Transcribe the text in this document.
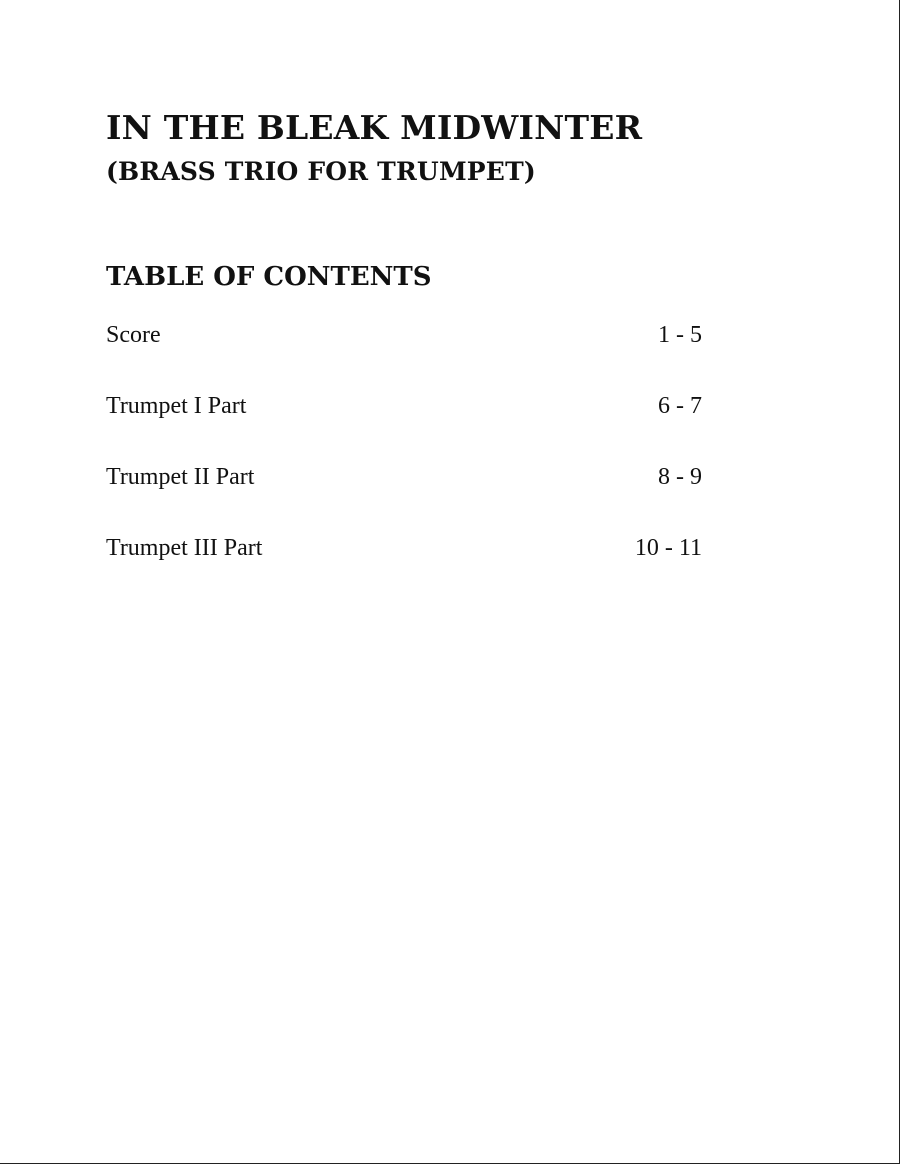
IN THE BLEAK MIDWINTER
(BRASS TRIO FOR TRUMPET)
TABLE OF CONTENTS
Score	1 - 5
Trumpet I Part	6 - 7
Trumpet II Part	8 - 9
Trumpet III Part	10 - 11
